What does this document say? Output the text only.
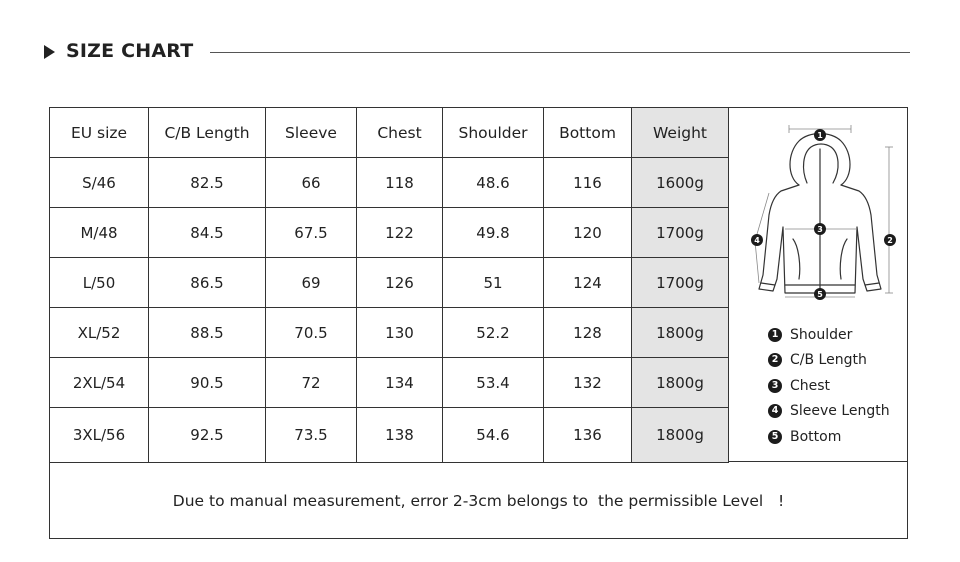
SIZE CHART
EU size	C/B Length	Sleeve	Chest	Shoulder	Bottom	Weight
S/46	82.5	66	118	48.6	116	1600g
M/48	84.5	67.5	122	49.8	120	1700g
L/50	86.5	69	126	51	124	1700g
XL/52	88.5	70.5	130	52.2	128	1800g
2XL/54	90.5	72	134	53.4	132	1800g
3XL/56	92.5	73.5	138	54.6	136	1800g
1
2
3
4
5
1 Shoulder
2 C/B Length
3 Chest
4 Sleeve Length
5 Bottom
Due to manual measurement, error 2-3cm belongs to  the permissible Level   !
